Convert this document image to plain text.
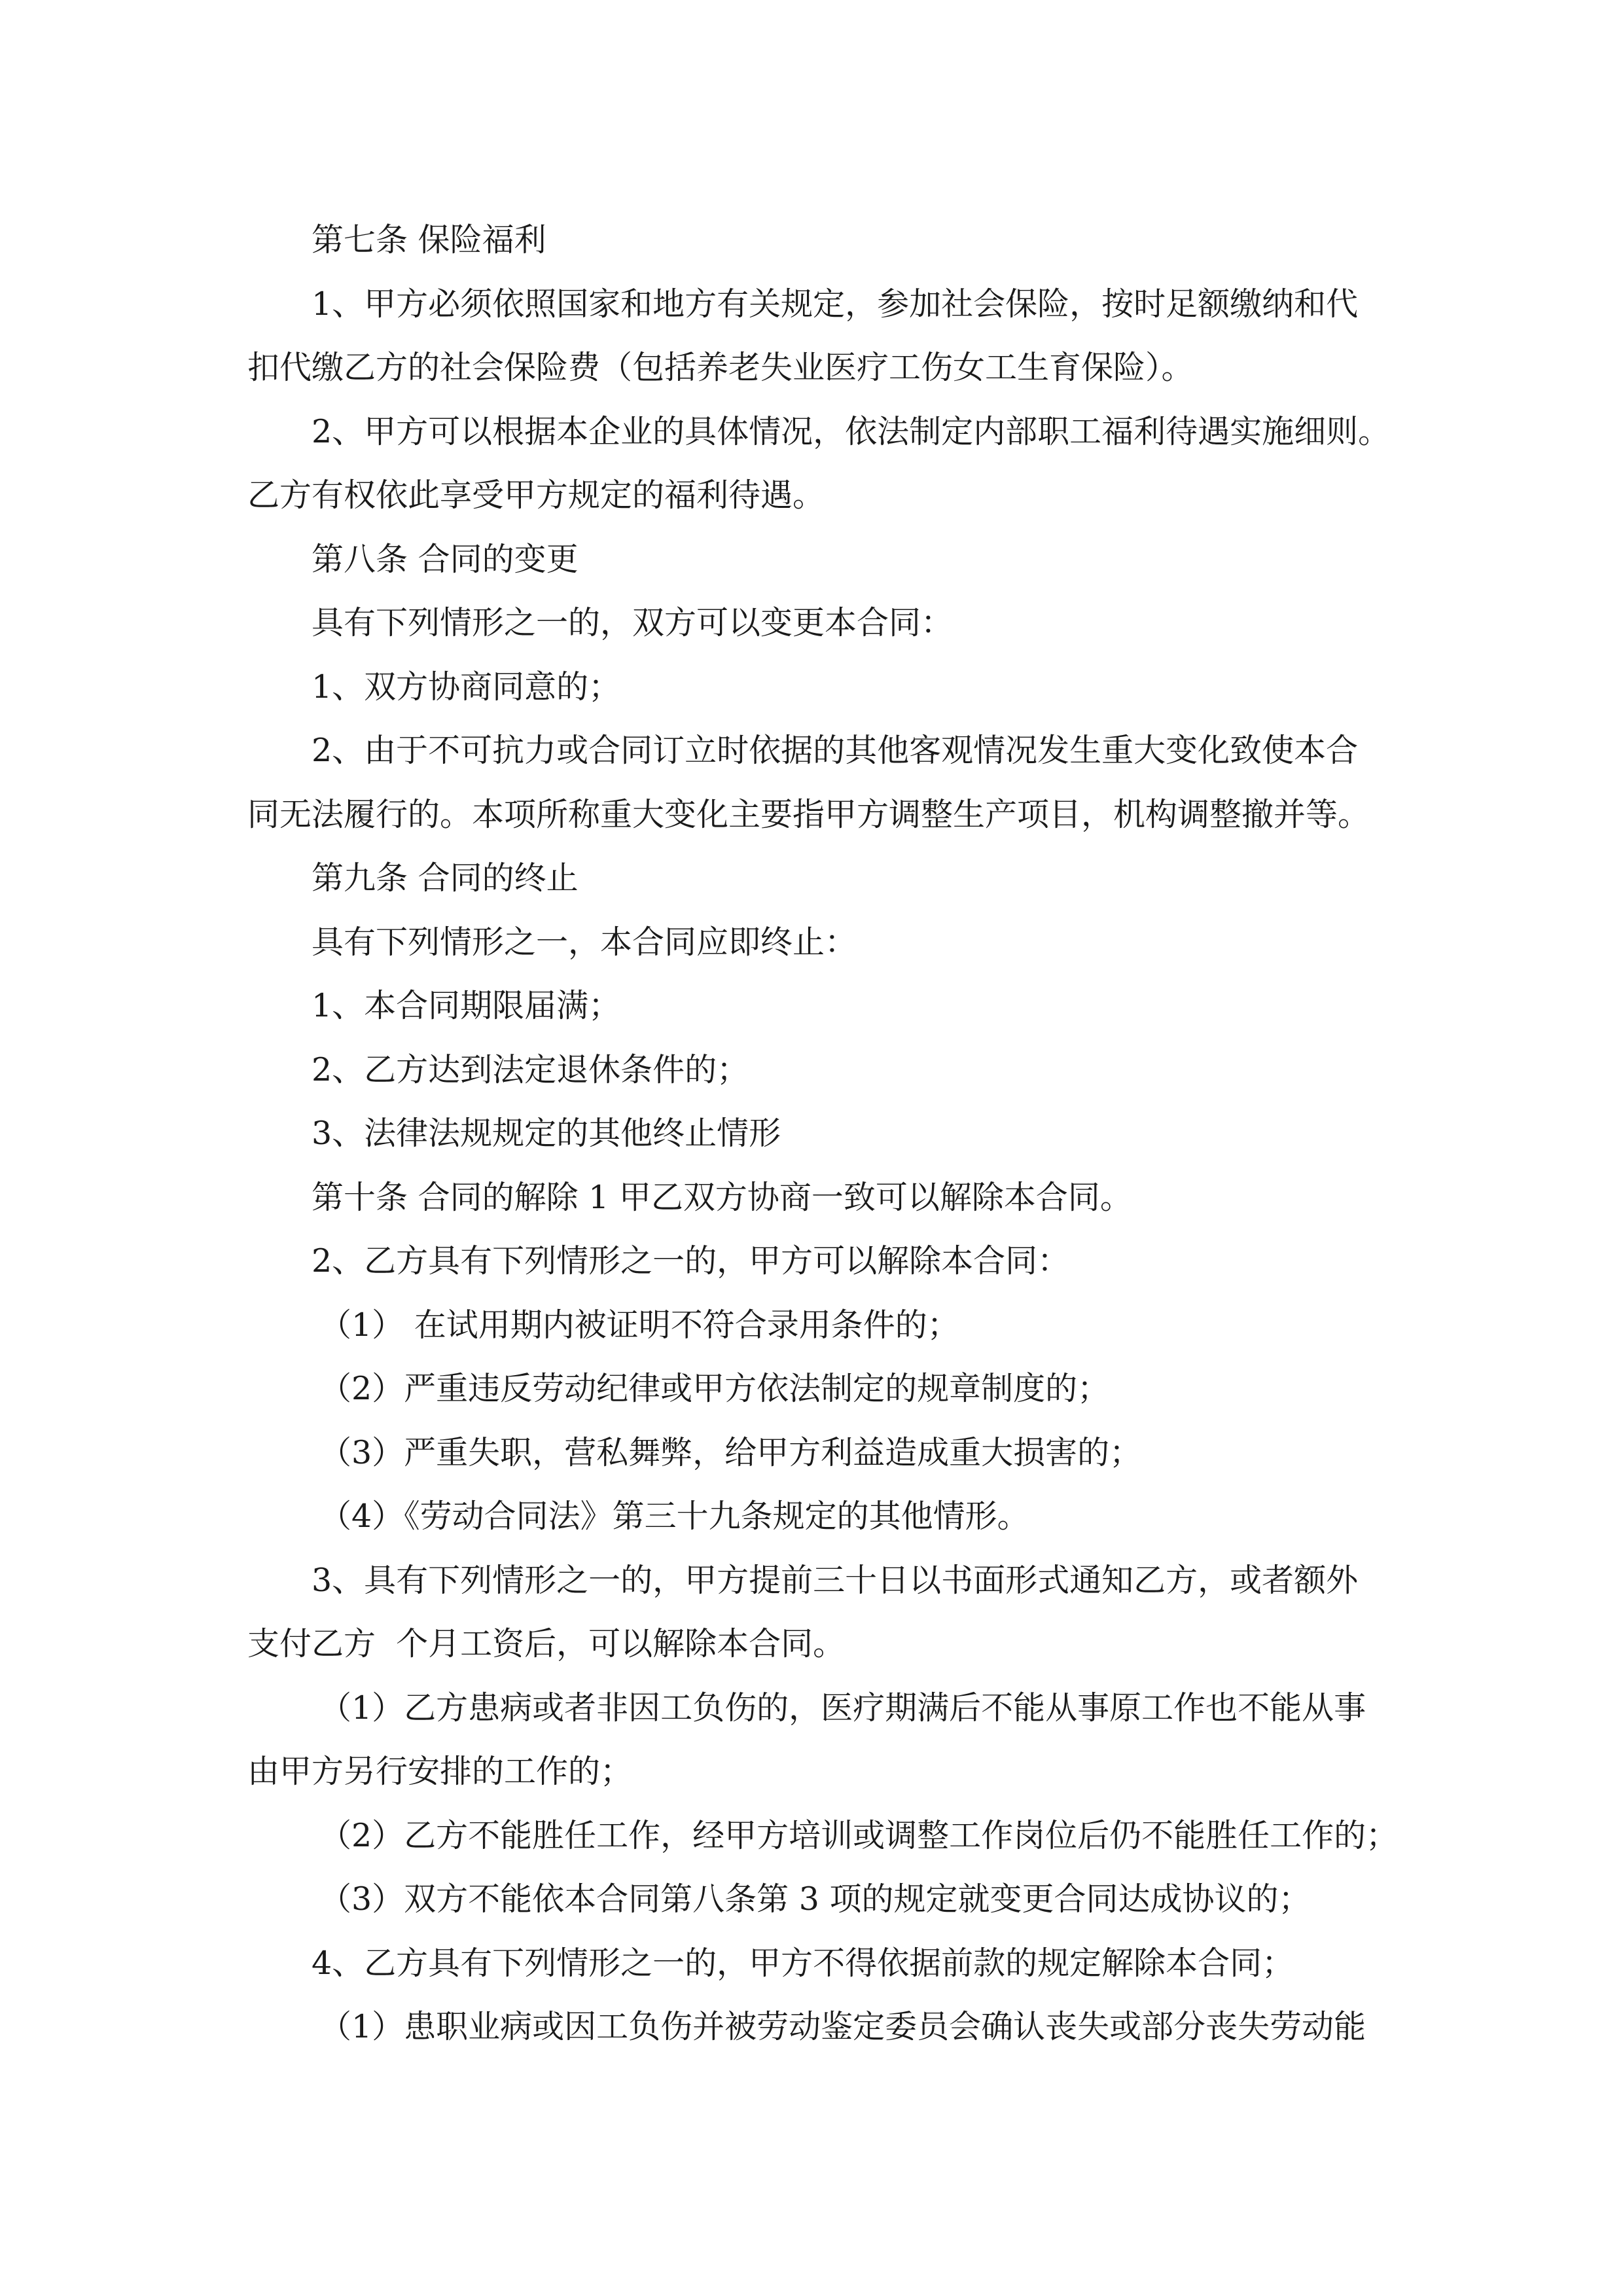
第七条 保险福利
1、甲方必须依照国家和地方有关规定，参加社会保险，按时足额缴纳和代
扣代缴乙方的社会保险费（包括养老失业医疗工伤女工生育保险）。
2、甲方可以根据本企业的具体情况，依法制定内部职工福利待遇实施细则。
乙方有权依此享受甲方规定的福利待遇。
第八条 合同的变更
具有下列情形之一的，双方可以变更本合同：
1、双方协商同意的；
2、由于不可抗力或合同订立时依据的其他客观情况发生重大变化致使本合
同无法履行的。本项所称重大变化主要指甲方调整生产项目，机构调整撤并等。
第九条 合同的终止
具有下列情形之一，本合同应即终止：
1、本合同期限届满；
2、乙方达到法定退休条件的；
3、法律法规规定的其他终止情形
第十条 合同的解除 1 甲乙双方协商一致可以解除本合同。
2、乙方具有下列情形之一的，甲方可以解除本合同：
（1） 在试用期内被证明不符合录用条件的；
（2）严重违反劳动纪律或甲方依法制定的规章制度的；
（3）严重失职，营私舞弊，给甲方利益造成重大损害的；
（4）《劳动合同法》第三十九条规定的其他情形。
3、具有下列情形之一的，甲方提前三十日以书面形式通知乙方，或者额外
支付乙方  个月工资后，可以解除本合同。
（1）乙方患病或者非因工负伤的，医疗期满后不能从事原工作也不能从事
由甲方另行安排的工作的；
（2）乙方不能胜任工作，经甲方培训或调整工作岗位后仍不能胜任工作的；
（3）双方不能依本合同第八条第 3 项的规定就变更合同达成协议的；
4、乙方具有下列情形之一的，甲方不得依据前款的规定解除本合同；
（1）患职业病或因工负伤并被劳动鉴定委员会确认丧失或部分丧失劳动能
